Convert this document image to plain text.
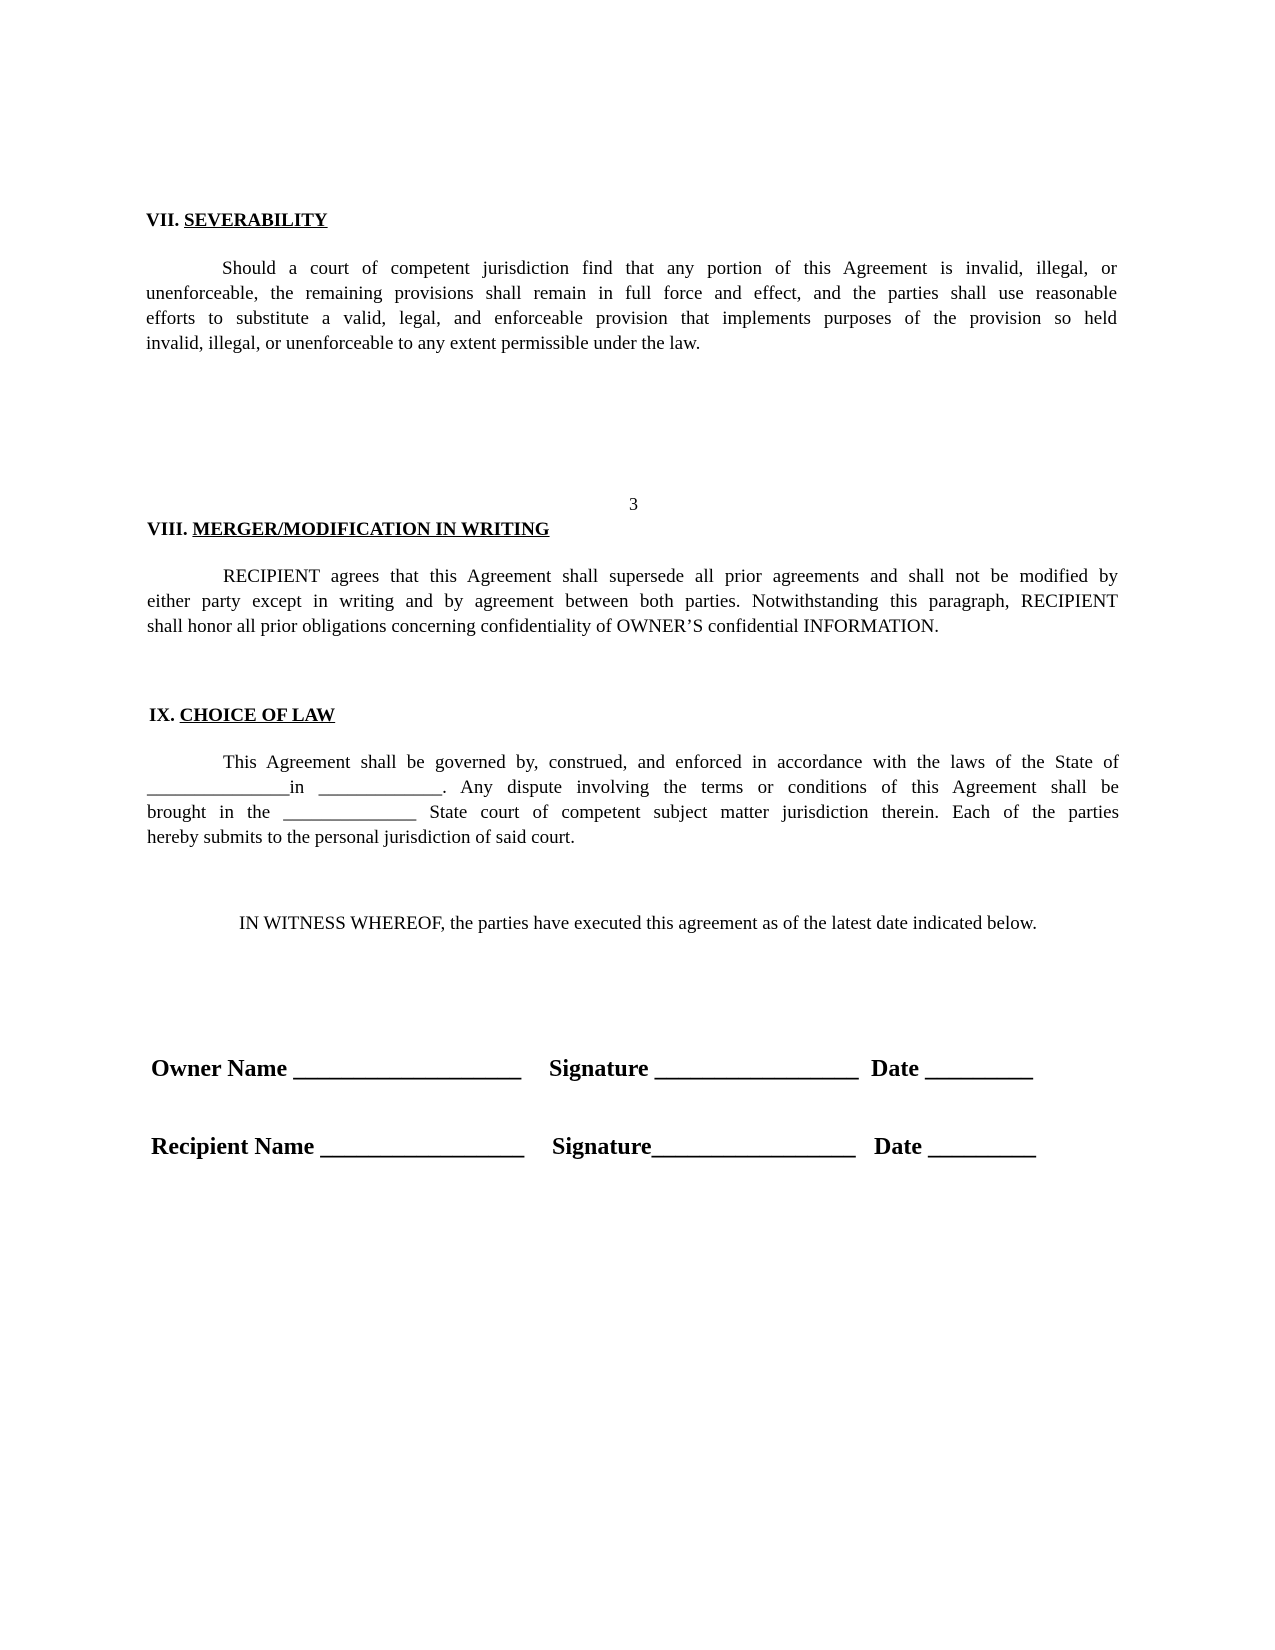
VII. SEVERABILITY
Should a court of competent jurisdiction find that any portion of this Agreement is invalid, illegal, or
unenforceable, the remaining provisions shall remain in full force and effect, and the parties shall use reasonable
efforts to substitute a valid, legal, and enforceable provision that implements purposes of the provision so held
invalid, illegal, or unenforceable to any extent permissible under the law.
3
VIII. MERGER/MODIFICATION IN WRITING
RECIPIENT agrees that this Agreement shall supersede all prior agreements and shall not be modified by
either party except in writing and by agreement between both parties. Notwithstanding this paragraph, RECIPIENT
shall honor all prior obligations concerning confidentiality of OWNER’S confidential INFORMATION.
IX. CHOICE OF LAW
This Agreement shall be governed by, construed, and enforced in accordance with the laws of the State of
_______________in _____________. Any dispute involving the terms or conditions of this Agreement shall be
brought in the ______________ State court of competent subject matter jurisdiction therein. Each of the parties
hereby submits to the personal jurisdiction of said court.
IN WITNESS WHEREOF, the parties have executed this agreement as of the latest date indicated below.
Owner Name ___________________ Signature _________________ Date _________
Recipient Name _________________ Signature_________________ Date _________
